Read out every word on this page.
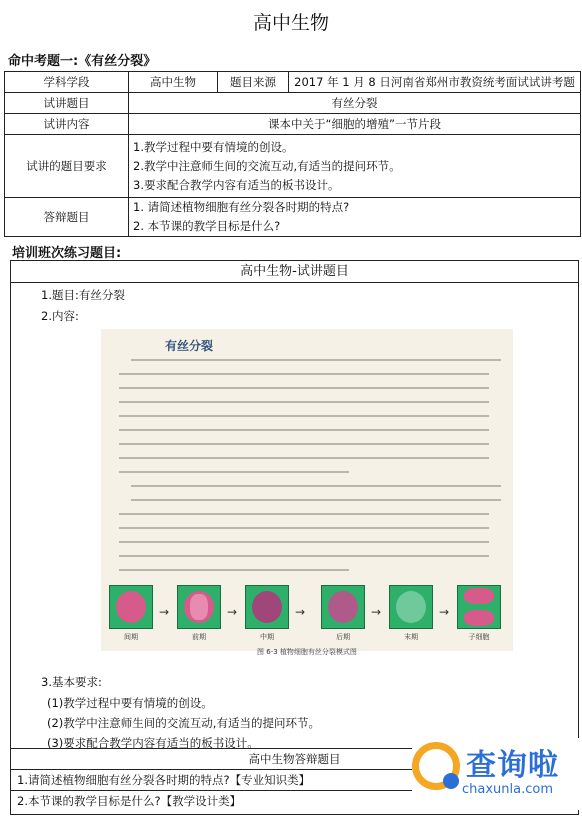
高中生物
命中考题一:《有丝分裂》
学科学段	高中生物	题目来源	2017 年 1 月 8 日河南省郑州市教资统考面试试讲考题
试讲题目	有丝分裂		
试讲内容	课本中关于“细胞的增殖”一节片段		
试讲的题目要求	1.教学过程中要有情境的创设。
2.教学中注意师生间的交流互动,有适当的提问环节。
3.要求配合教学内容有适当的板书设计。		

答辩题目	1. 请简述植物细胞有丝分裂各时期的特点?
2. 本节课的教学目标是什么?		
培训班次练习题目:
高中生物-试讲题目
1.题目:有丝分裂
2.内容:
有丝分裂
→	→	→	→	→
间期	前期	中期	后期	末期	子细胞
图 6-3 植物细胞有丝分裂模式图
3.基本要求:
(1)教学过程中要有情境的创设。
(2)教学中注意师生间的交流互动,有适当的提问环节。
(3)要求配合教学内容有适当的板书设计。
高中生物答辩题目
1.请简述植物细胞有丝分裂各时期的特点?【专业知识类】
2.本节课的教学目标是什么?【教学设计类】
查询啦
chaxunla.com
